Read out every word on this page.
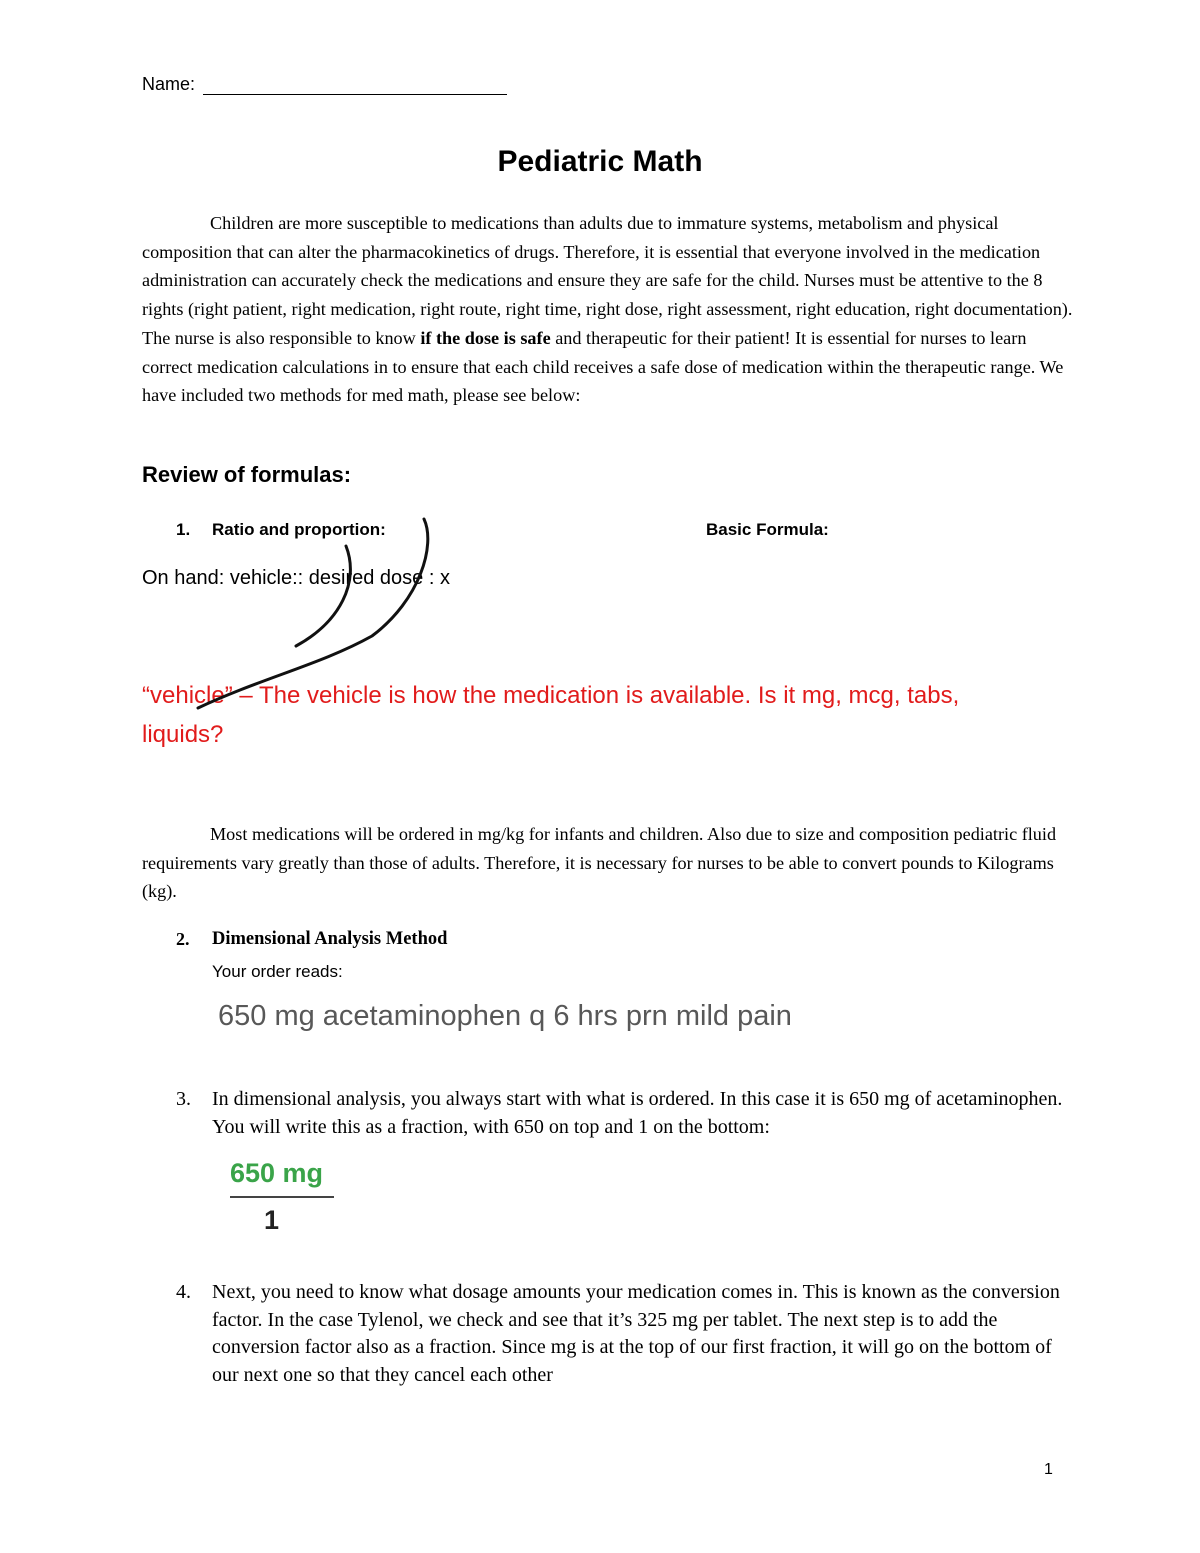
Name:
Pediatric Math

Children are more susceptible to medications than adults due to immature systems, metabolism and physical composition that can alter the pharmacokinetics of drugs. Therefore, it is essential that everyone involved in the medication administration can accurately check the medications and ensure they are safe for the child. Nurses must be attentive to the 8 rights (right patient, right medication, right route, right time, right dose, right assessment, right education, right documentation). The nurse is also responsible to know if the dose is safe and therapeutic for their patient! It is essential for nurses to learn correct medication calculations in to ensure that each child receives a safe dose of medication within the therapeutic range. We have included two methods for med math, please see below:

Review of formulas:
1. Ratio and proportion:	Basic Formula:
On hand: vehicle:: desired dose : x
“vehicle” – The vehicle is how the medication is available. Is it mg, mcg, tabs, liquids?

Most medications will be ordered in mg/kg for infants and children. Also due to size and composition pediatric fluid requirements vary greatly than those of adults. Therefore, it is necessary for nurses to be able to convert pounds to Kilograms (kg).

2. Dimensional Analysis Method
Your order reads:
650 mg acetaminophen q 6 hrs prn mild pain
3. In dimensional analysis, you always start with what is ordered. In this case it is 650 mg of acetaminophen. You will write this as a fraction, with 650 on top and 1 on the bottom:
650 mg
1
4. Next, you need to know what dosage amounts your medication comes in. This is known as the conversion factor. In the case Tylenol, we check and see that it’s 325 mg per tablet. The next step is to add the conversion factor also as a fraction. Since mg is at the top of our first fraction, it will go on the bottom of our next one so that they cancel each other
1
